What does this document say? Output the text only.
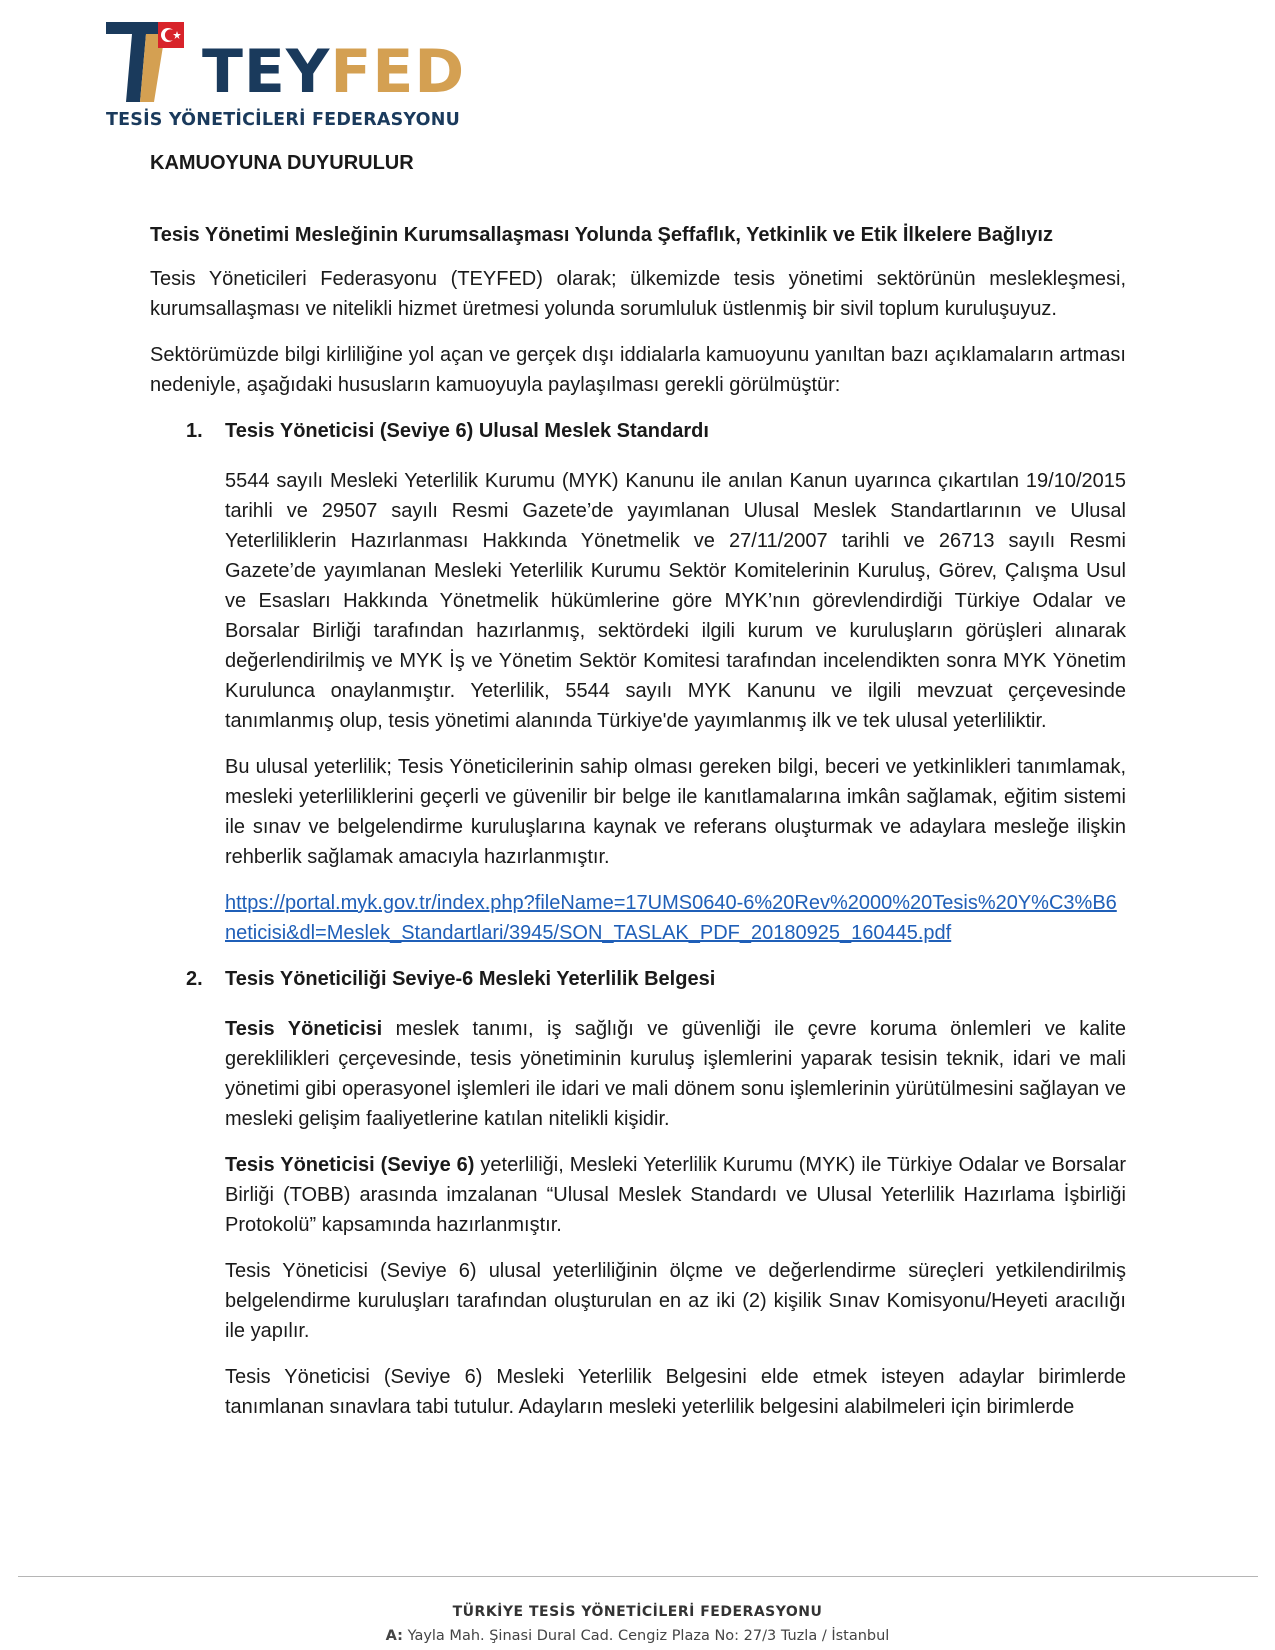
TEYFED
TESİS YÖNETİCİLERİ FEDERASYONU

KAMUOYUNA DUYURULUR

Tesis Yönetimi Mesleğinin Kurumsallaşması Yolunda Şeffaflık, Yetkinlik ve Etik İlkelere Bağlıyız

Tesis Yöneticileri Federasyonu (TEYFED) olarak; ülkemizde tesis yönetimi sektörünün meslekleşmesi, kurumsallaşması ve nitelikli hizmet üretmesi yolunda sorumluluk üstlenmiş bir sivil toplum kuruluşuyuz.

Sektörümüzde bilgi kirliliğine yol açan ve gerçek dışı iddialarla kamuoyunu yanıltan bazı açıklamaların artması nedeniyle, aşağıdaki hususların kamuoyuyla paylaşılması gerekli görülmüştür:

1. Tesis Yöneticisi (Seviye 6) Ulusal Meslek Standardı

5544 sayılı Mesleki Yeterlilik Kurumu (MYK) Kanunu ile anılan Kanun uyarınca çıkartılan 19/10/2015 tarihli ve 29507 sayılı Resmi Gazete’de yayımlanan Ulusal Meslek Standartlarının ve Ulusal Yeterliliklerin Hazırlanması Hakkında Yönetmelik ve 27/11/2007 tarihli ve 26713 sayılı Resmi Gazete’de yayımlanan Mesleki Yeterlilik Kurumu Sektör Komitelerinin Kuruluş, Görev, Çalışma Usul ve Esasları Hakkında Yönetmelik hükümlerine göre MYK’nın görevlendirdiği Türkiye Odalar ve Borsalar Birliği tarafından hazırlanmış, sektördeki ilgili kurum ve kuruluşların görüşleri alınarak değerlendirilmiş ve MYK İş ve Yönetim Sektör Komitesi tarafından incelendikten sonra MYK Yönetim Kurulunca onaylanmıştır. Yeterlilik, 5544 sayılı MYK Kanunu ve ilgili mevzuat çerçevesinde tanımlanmış olup, tesis yönetimi alanında Türkiye'de yayımlanmış ilk ve tek ulusal yeterliliktir.

Bu ulusal yeterlilik; Tesis Yöneticilerinin sahip olması gereken bilgi, beceri ve yetkinlikleri tanımlamak, mesleki yeterliliklerini geçerli ve güvenilir bir belge ile kanıtlamalarına imkân sağlamak, eğitim sistemi ile sınav ve belgelendirme kuruluşlarına kaynak ve referans oluşturmak ve adaylara mesleğe ilişkin rehberlik sağlamak amacıyla hazırlanmıştır.

https://portal.myk.gov.tr/index.php?fileName=17UMS0640-6%20Rev%2000%20Tesis%20Y%C3%B6neticisi&dl=Meslek_Standartlari/3945/SON_TASLAK_PDF_20180925_160445.pdf

2. Tesis Yöneticiliği Seviye-6 Mesleki Yeterlilik Belgesi

Tesis Yöneticisi meslek tanımı, iş sağlığı ve güvenliği ile çevre koruma önlemleri ve kalite gereklilikleri çerçevesinde, tesis yönetiminin kuruluş işlemlerini yaparak tesisin teknik, idari ve mali yönetimi gibi operasyonel işlemleri ile idari ve mali dönem sonu işlemlerinin yürütülmesini sağlayan ve mesleki gelişim faaliyetlerine katılan nitelikli kişidir.

Tesis Yöneticisi (Seviye 6) yeterliliği, Mesleki Yeterlilik Kurumu (MYK) ile Türkiye Odalar ve Borsalar Birliği (TOBB) arasında imzalanan “Ulusal Meslek Standardı ve Ulusal Yeterlilik Hazırlama İşbirliği Protokolü” kapsamında hazırlanmıştır.

Tesis Yöneticisi (Seviye 6) ulusal yeterliliğinin ölçme ve değerlendirme süreçleri yetkilendirilmiş belgelendirme kuruluşları tarafından oluşturulan en az iki (2) kişilik Sınav Komisyonu/Heyeti aracılığı ile yapılır.

Tesis Yöneticisi (Seviye 6) Mesleki Yeterlilik Belgesini elde etmek isteyen adaylar birimlerde tanımlanan sınavlara tabi tutulur. Adayların mesleki yeterlilik belgesini alabilmeleri için birimlerde

TÜRKİYE TESİS YÖNETİCİLERİ FEDERASYONU
A: Yayla Mah. Şinasi Dural Cad. Cengiz Plaza No: 27/3 Tuzla / İstanbul
